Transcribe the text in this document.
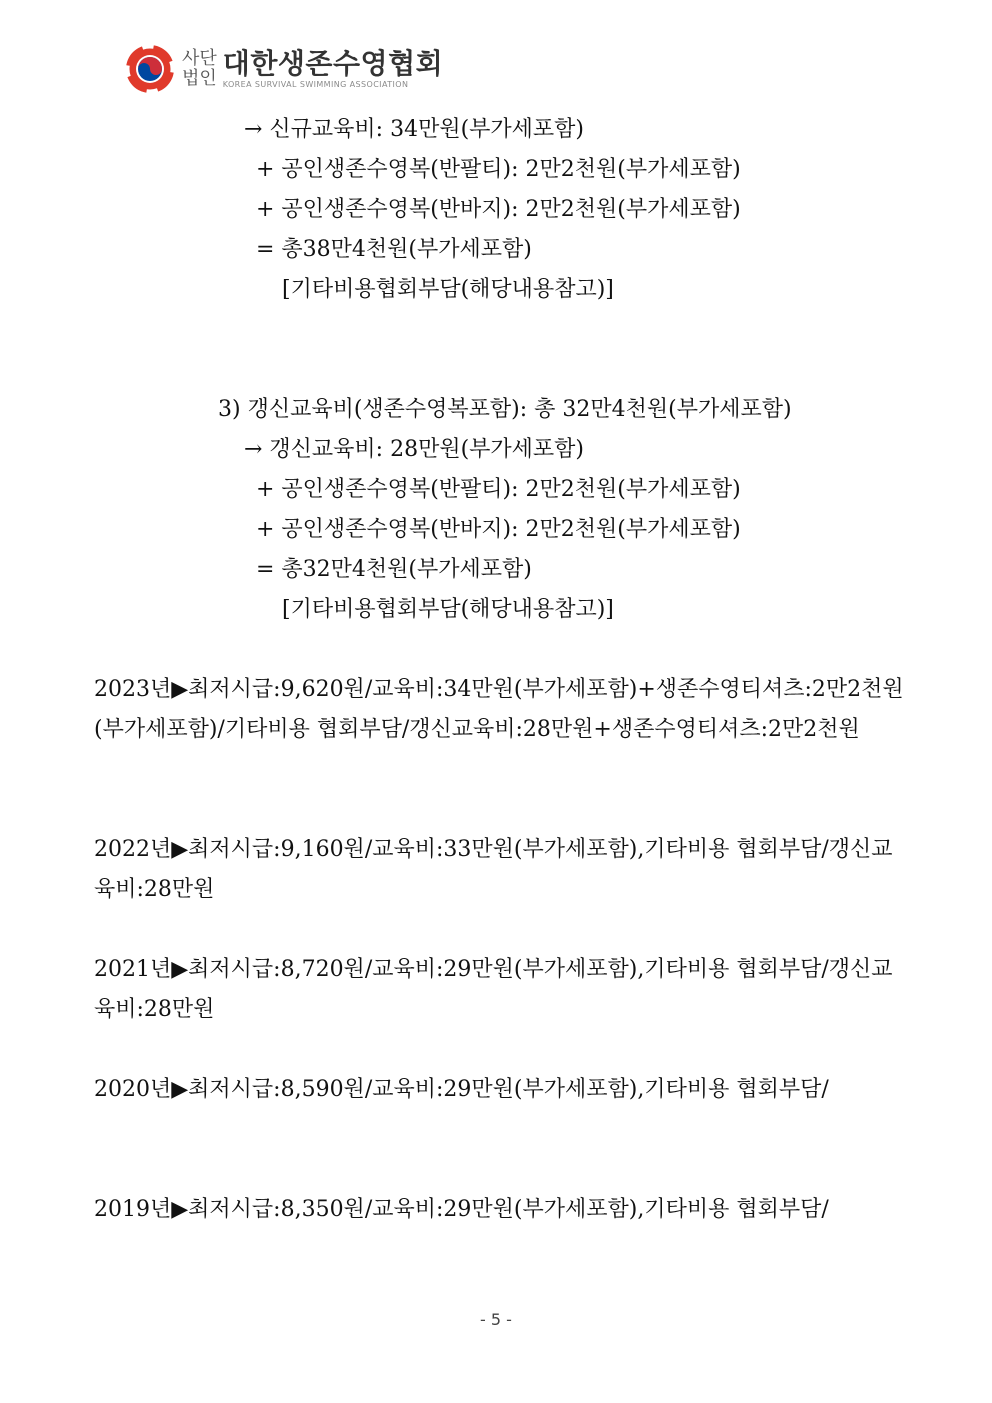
사단
법인 대한생존수영협회
KOREA SURVIVAL SWIMMING ASSOCIATION
→ 신규교육비: 34만원(부가세포함)
+ 공인생존수영복(반팔티): 2만2천원(부가세포함)
+ 공인생존수영복(반바지): 2만2천원(부가세포함)
= 총38만4천원(부가세포함)
[기타비용협회부담(해당내용참고)]
3) 갱신교육비(생존수영복포함): 총 32만4천원(부가세포함)
→ 갱신교육비: 28만원(부가세포함)
+ 공인생존수영복(반팔티): 2만2천원(부가세포함)
+ 공인생존수영복(반바지): 2만2천원(부가세포함)
= 총32만4천원(부가세포함)
[기타비용협회부담(해당내용참고)]
2023년▶최저시급:9,620원/교육비:34만원(부가세포함)+생존수영티셔츠:2만2천원(부가세포함)/기타비용 협회부담/갱신교육비:28만원+생존수영티셔츠:2만2천원
2022년▶최저시급:9,160원/교육비:33만원(부가세포함),기타비용 협회부담/갱신교육비:28만원
2021년▶최저시급:8,720원/교육비:29만원(부가세포함),기타비용 협회부담/갱신교육비:28만원
2020년▶최저시급:8,590원/교육비:29만원(부가세포함),기타비용 협회부담/
2019년▶최저시급:8,350원/교육비:29만원(부가세포함),기타비용 협회부담/
- 5 -
